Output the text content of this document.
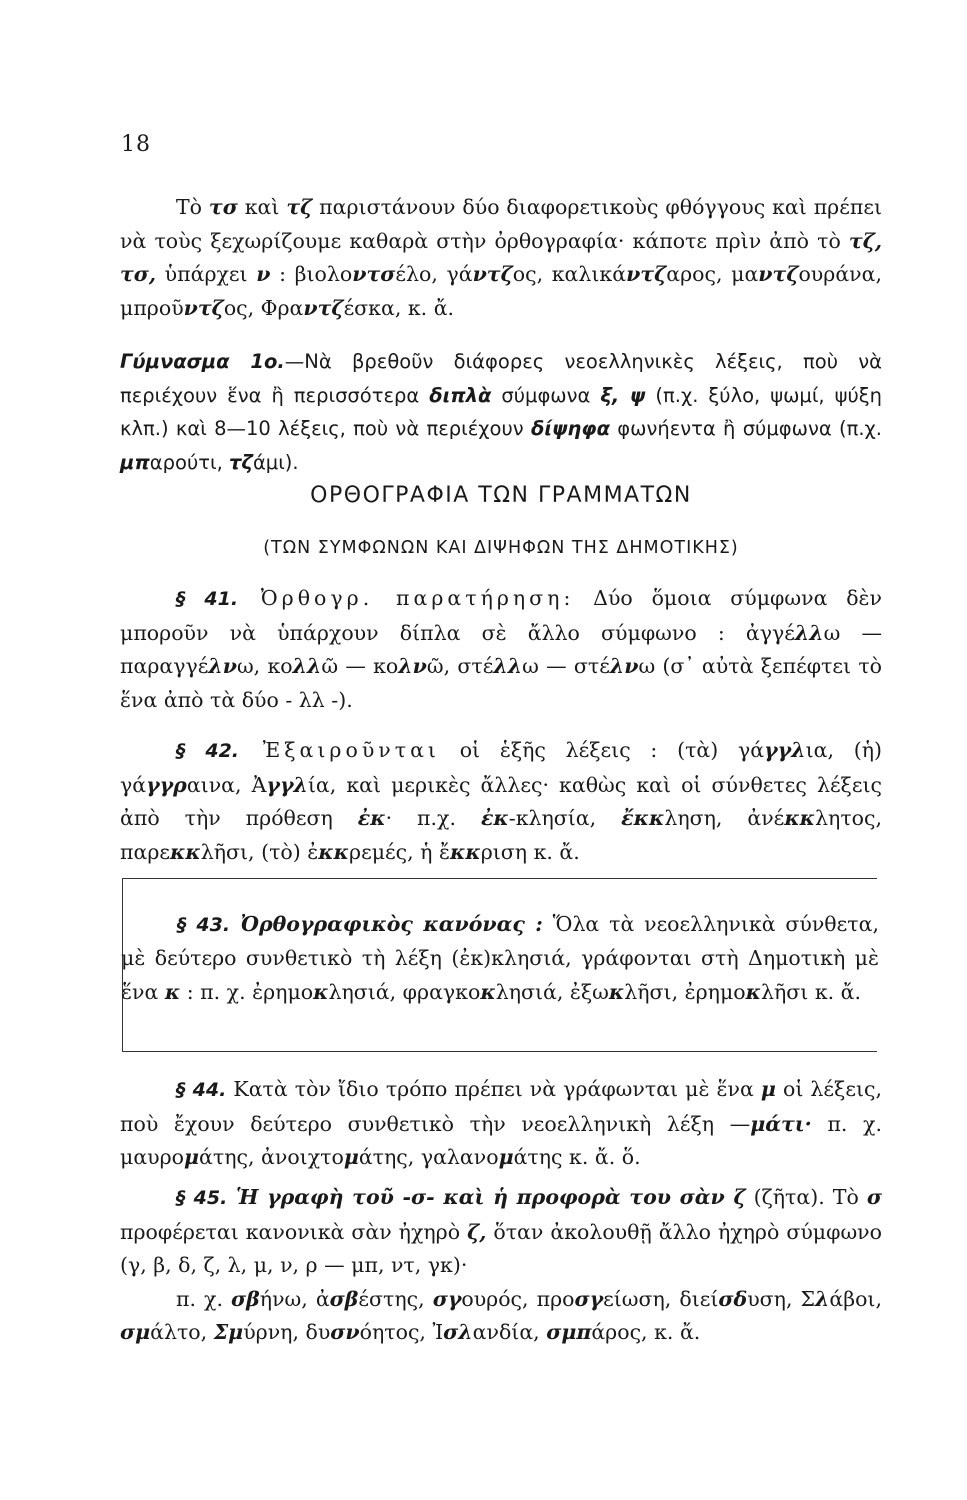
18

Τὸ τσ καὶ τζ παριστάνουν δύο διαφορετικοὺς φθόγγους καὶ πρέπει νὰ τοὺς ξεχωρίζουμε καθαρὰ στὴν ὀρθογραφία· κάποτε πρὶν ἀπὸ τὸ τζ, τσ, ὑπάρχει ν : βιολοντσέλο, γάντζος, καλικάντζαρος, μαντζουράνα, μπροῦντζος, Φραντζέσκα, κ. ἄ.

Γύμνασμα 1ο.—Νὰ βρεθοῦν διάφορες νεοελληνικὲς λέξεις, ποὺ νὰ περιέχουν ἕνα ἢ περισσότερα διπλὰ σύμφωνα ξ, ψ (π.χ. ξύλο, ψωμί, ψύξη κλπ.) καὶ 8—10 λέξεις, ποὺ νὰ περιέχουν δίψηφα φωνήεντα ἢ σύμφωνα (π.χ. μπαρούτι, τζάμι).

ΟΡΘΟΓΡΑΦΙΑ ΤΩΝ ΓΡΑΜΜΑΤΩΝ
(ΤΩΝ ΣΥΜΦΩΝΩΝ ΚΑΙ ΔΙΨΗΦΩΝ ΤΗΣ ΔΗΜΟΤΙΚΗΣ)

§ 41. Ὀρθογρ. παρατήρηση: Δύο ὅμοια σύμφωνα δὲν μποροῦν νὰ ὑπάρχουν δίπλα σὲ ἄλλο σύμφωνο : ἀγγέλλω — παραγγέλνω, κολλῶ — κολνῶ, στέλλω — στέλνω (σ᾽ αὐτὰ ξεπέφτει τὸ ἕνα ἀπὸ τὰ δύο - λλ -).

§ 42. Ἐξαιροῦνται οἱ ἑξῆς λέξεις : (τὰ) γάγγλια, (ἡ) γάγγραινα, Ἀγγλία, καὶ μερικὲς ἄλλες· καθὼς καὶ οἱ σύνθετες λέξεις ἀπὸ τὴν πρόθεση ἐκ· π.χ. ἐκ-κλησία, ἔκκληση, ἀνέκκλητος, παρεκκλῆσι, (τὸ) ἐκκρεμές, ἡ ἔκκριση κ. ἄ.

§ 43. Ὀρθογραφικὸς κανόνας : Ὅλα τὰ νεοελληνικὰ σύνθετα, μὲ δεύτερο συνθετικὸ τὴ λέξη (ἐκ)κλησιά, γράφονται στὴ Δημοτικὴ μὲ ἕνα κ : π. χ. ἐρημοκλησιά, φραγκοκλησιά, ἐξωκλῆσι, ἐρημοκλῆσι κ. ἄ.

§ 44. Κατὰ τὸν ἴδιο τρόπο πρέπει νὰ γράφωνται μὲ ἕνα μ οἱ λέξεις, ποὺ ἔχουν δεύτερο συνθετικὸ τὴν νεοελληνικὴ λέξη —μάτι· π. χ. μαυρομάτης, ἀνοιχτομάτης, γαλανομάτης κ. ἄ. ὅ.

§ 45. Ἡ γραφὴ τοῦ -σ- καὶ ἡ προφορὰ του σὰν ζ (ζῆτα). Τὸ σ προφέρεται κανονικὰ σὰν ἠχηρὸ ζ, ὅταν ἀκολουθῇ ἄλλο ἠχηρὸ σύμφωνο (γ, β, δ, ζ, λ, μ, ν, ρ — μπ, ντ, γκ)·

π. χ. σβήνω, ἀσβέστης, σγουρός, προσγείωση, διείσδυση, Σλάβοι, σμάλτο, Σμύρνη, δυσνόητος, Ἰσλανδία, σμπάρος, κ. ἄ.
